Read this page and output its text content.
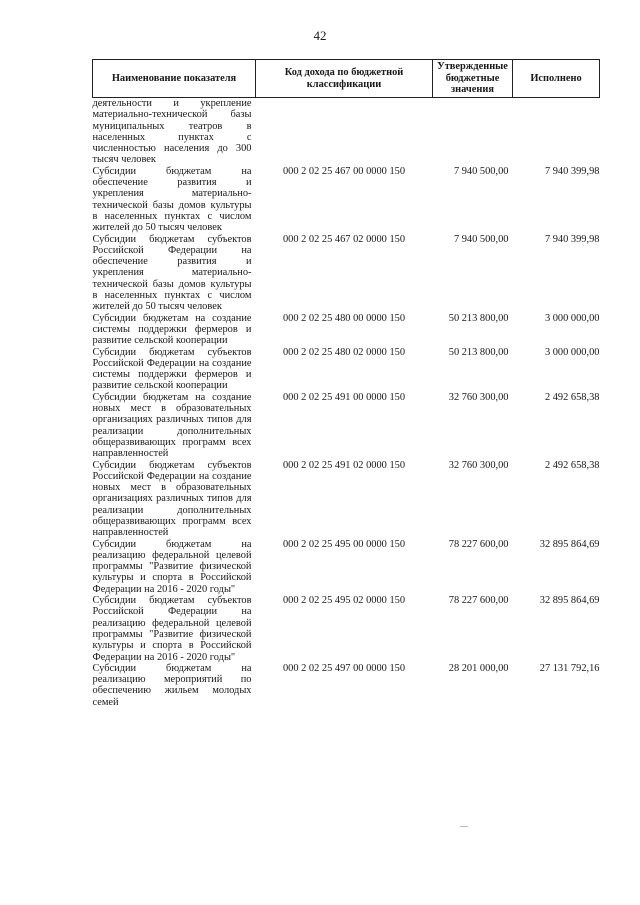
42
Наименование показателя	Код дохода по бюджетной классификации	Утвержденные бюджетные значения	Исполнено
деятельности и укрепление материально-технической базы муниципальных театров в населенных пунктах с численностью населения до 300 тысяч человек			
Субсидии бюджетам на обеспечение развития и укрепления материально-технической базы домов культуры в населенных пунктах с числом жителей до 50 тысяч человек	000 2 02 25 467 00 0000 150	7 940 500,00	7 940 399,98
Субсидии бюджетам субъектов Российской Федерации на обеспечение развития и укрепления материально-технической базы домов культуры в населенных пунктах с числом жителей до 50 тысяч человек	000 2 02 25 467 02 0000 150	7 940 500,00	7 940 399,98
Субсидии бюджетам на создание системы поддержки фермеров и развитие сельской кооперации	000 2 02 25 480 00 0000 150	50 213 800,00	3 000 000,00
Субсидии бюджетам субъектов Российской Федерации на создание системы поддержки фермеров и развитие сельской кооперации	000 2 02 25 480 02 0000 150	50 213 800,00	3 000 000,00
Субсидии бюджетам на создание новых мест в образовательных организациях различных типов для реализации дополнительных общеразвивающих программ всех направленностей	000 2 02 25 491 00 0000 150	32 760 300,00	2 492 658,38
Субсидии бюджетам субъектов Российской Федерации на создание новых мест в образовательных организациях различных типов для реализации дополнительных общеразвивающих программ всех направленностей	000 2 02 25 491 02 0000 150	32 760 300,00	2 492 658,38
Субсидии бюджетам на реализацию федеральной целевой программы "Развитие физической культуры и спорта в Российской Федерации на 2016 - 2020 годы"	000 2 02 25 495 00 0000 150	78 227 600,00	32 895 864,69
Субсидии бюджетам субъектов Российской Федерации на реализацию федеральной целевой программы "Развитие физической культуры и спорта в Российской Федерации на 2016 - 2020 годы"	000 2 02 25 495 02 0000 150	78 227 600,00	32 895 864,69
Субсидии бюджетам на реализацию мероприятий по обеспечению жильем молодых семей	000 2 02 25 497 00 0000 150	28 201 000,00	27 131 792,16
